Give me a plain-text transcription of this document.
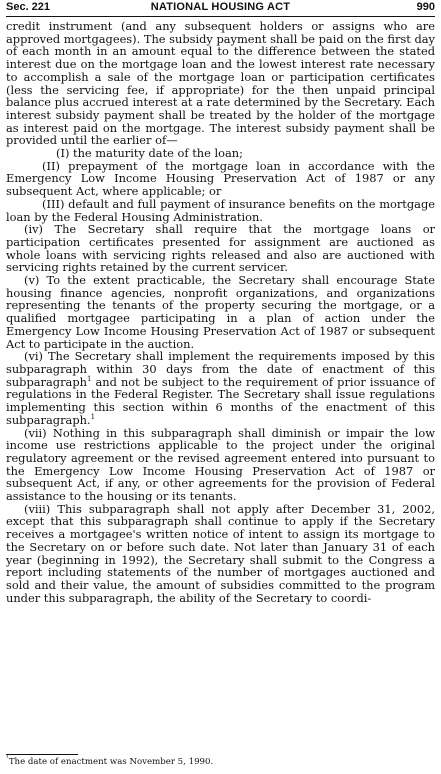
Sec. 221	NATIONAL HOUSING ACT	990

credit instrument (and any subsequent holders or assigns who are approved mortgagees). The subsidy payment shall be paid on the first day of each month in an amount equal to the difference between the stated interest due on the mortgage loan and the lowest interest rate necessary to accomplish a sale of the mortgage loan or participation certificates (less the servicing fee, if appropriate) for the then unpaid principal balance plus accrued interest at a rate determined by the Secretary. Each interest subsidy payment shall be treated by the holder of the mortgage as interest paid on the mortgage. The interest subsidy payment shall be provided until the earlier of—

(I) the maturity date of the loan;

(II) prepayment of the mortgage loan in accordance with the Emergency Low Income Housing Preservation Act of 1987 or any subsequent Act, where applicable; or

(III) default and full payment of insurance benefits on the mortgage loan by the Federal Housing Administration.

(iv) The Secretary shall require that the mortgage loans or participation certificates presented for assignment are auctioned as whole loans with servicing rights released and also are auctioned with servicing rights retained by the current servicer.

(v) To the extent practicable, the Secretary shall encourage State housing finance agencies, nonprofit organizations, and organizations representing the tenants of the property securing the mortgage, or a qualified mortgagee participating in a plan of action under the Emergency Low Income Housing Preservation Act of 1987 or subsequent Act to participate in the auction.

(vi) The Secretary shall implement the requirements imposed by this subparagraph within 30 days from the date of enactment of this subparagraph$^1$ and not be subject to the requirement of prior issuance of regulations in the Federal Register. The Secretary shall issue regulations implementing this section within 6 months of the enactment of this subparagraph.$^1$

(vii) Nothing in this subparagraph shall diminish or impair the low income use restrictions applicable to the project under the original regulatory agreement or the revised agreement entered into pursuant to the Emergency Low Income Housing Preservation Act of 1987 or subsequent Act, if any, or other agreements for the provision of Federal assistance to the housing or its tenants.

(viii) This subparagraph shall not apply after December 31, 2002, except that this subparagraph shall continue to apply if the Secretary receives a mortgagee's written notice of intent to assign its mortgage to the Secretary on or before such date. Not later than January 31 of each year (beginning in 1992), the Secretary shall submit to the Congress a report including statements of the number of mortgages auctioned and sold and their value, the amount of subsidies committed to the program under this subparagraph, the ability of the Secretary to coordi-

$^{^1}$The date of enactment was November 5, 1990.
